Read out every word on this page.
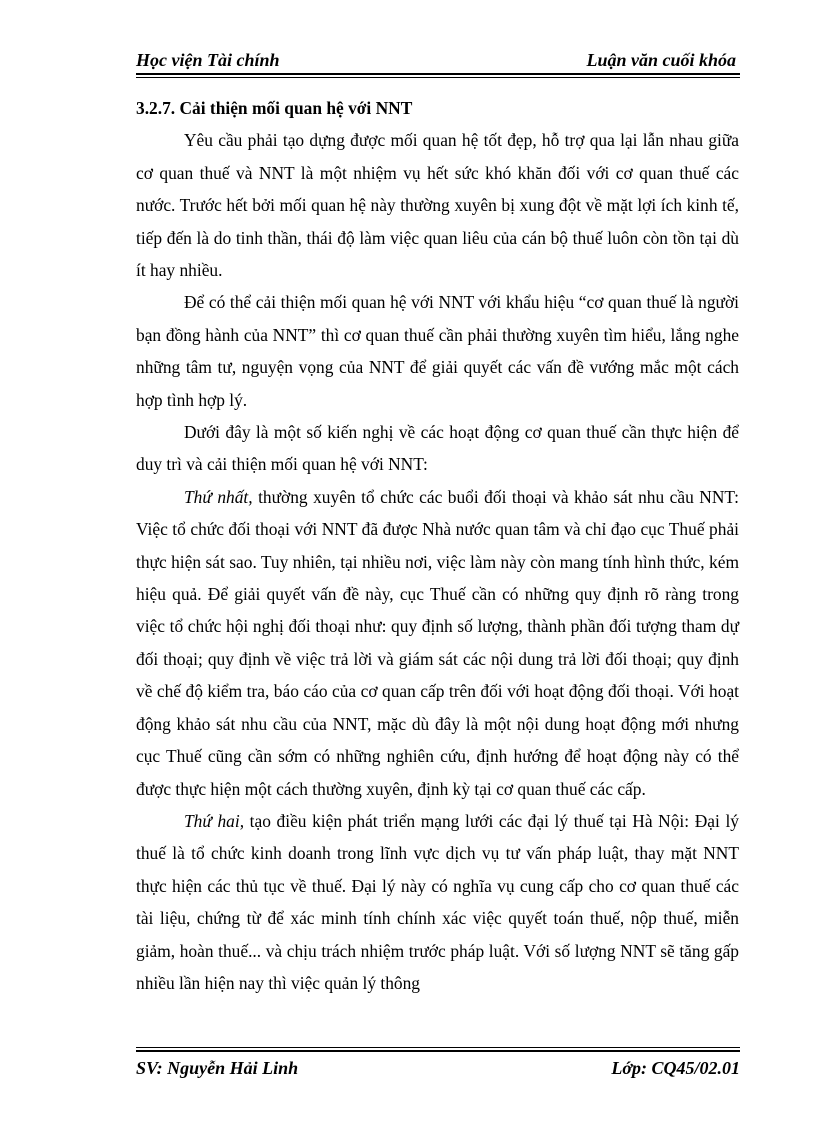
Học viện Tài chính	Luận văn cuối khóa
3.2.7. Cải thiện mối quan hệ với NNT

Yêu cầu phải tạo dựng được mối quan hệ tốt đẹp, hỗ trợ qua lại lẫn nhau giữa cơ quan thuế và NNT là một nhiệm vụ hết sức khó khăn đối với cơ quan thuế các nước. Trước hết bởi mối quan hệ này thường xuyên bị xung đột về mặt lợi ích kinh tế, tiếp đến là do tinh thần, thái độ làm việc quan liêu của cán bộ thuế luôn còn tồn tại dù ít hay nhiều.

Để có thể cải thiện mối quan hệ với NNT với khẩu hiệu “cơ quan thuế là người bạn đồng hành của NNT” thì cơ quan thuế cần phải thường xuyên tìm hiểu, lắng nghe những tâm tư, nguyện vọng của NNT để giải quyết các vấn đề vướng mắc một cách hợp tình hợp lý.

Dưới đây là một số kiến nghị về các hoạt động cơ quan thuế cần thực hiện để duy trì và cải thiện mối quan hệ với NNT:

Thứ nhất, thường xuyên tổ chức các buổi đối thoại và khảo sát nhu cầu NNT: Việc tổ chức đối thoại với NNT đã được Nhà nước quan tâm và chỉ đạo cục Thuế phải thực hiện sát sao. Tuy nhiên, tại nhiều nơi, việc làm này còn mang tính hình thức, kém hiệu quả. Để giải quyết vấn đề này, cục Thuế cần có những quy định rõ ràng trong việc tổ chức hội nghị đối thoại như: quy định số lượng, thành phần đối tượng tham dự đối thoại; quy định về việc trả lời và giám sát các nội dung trả lời đối thoại; quy định về chế độ kiểm tra, báo cáo của cơ quan cấp trên đối với hoạt động đối thoại. Với hoạt động khảo sát nhu cầu của NNT, mặc dù đây là một nội dung hoạt động mới nhưng cục Thuế cũng cần sớm có những nghiên cứu, định hướng để hoạt động này có thể được thực hiện một cách thường xuyên, định kỳ tại cơ quan thuế các cấp.

Thứ hai, tạo điều kiện phát triển mạng lưới các đại lý thuế tại Hà Nội: Đại lý thuế là tổ chức kinh doanh trong lĩnh vực dịch vụ tư vấn pháp luật, thay mặt NNT thực hiện các thủ tục về thuế. Đại lý này có nghĩa vụ cung cấp cho cơ quan thuế các tài liệu, chứng từ để xác minh tính chính xác việc quyết toán thuế, nộp thuế, miễn giảm, hoàn thuế... và chịu trách nhiệm trước pháp luật. Với số lượng NNT sẽ tăng gấp nhiều lần hiện nay thì việc quản lý thông

SV: Nguyễn Hải Linh	Lớp: CQ45/02.01
